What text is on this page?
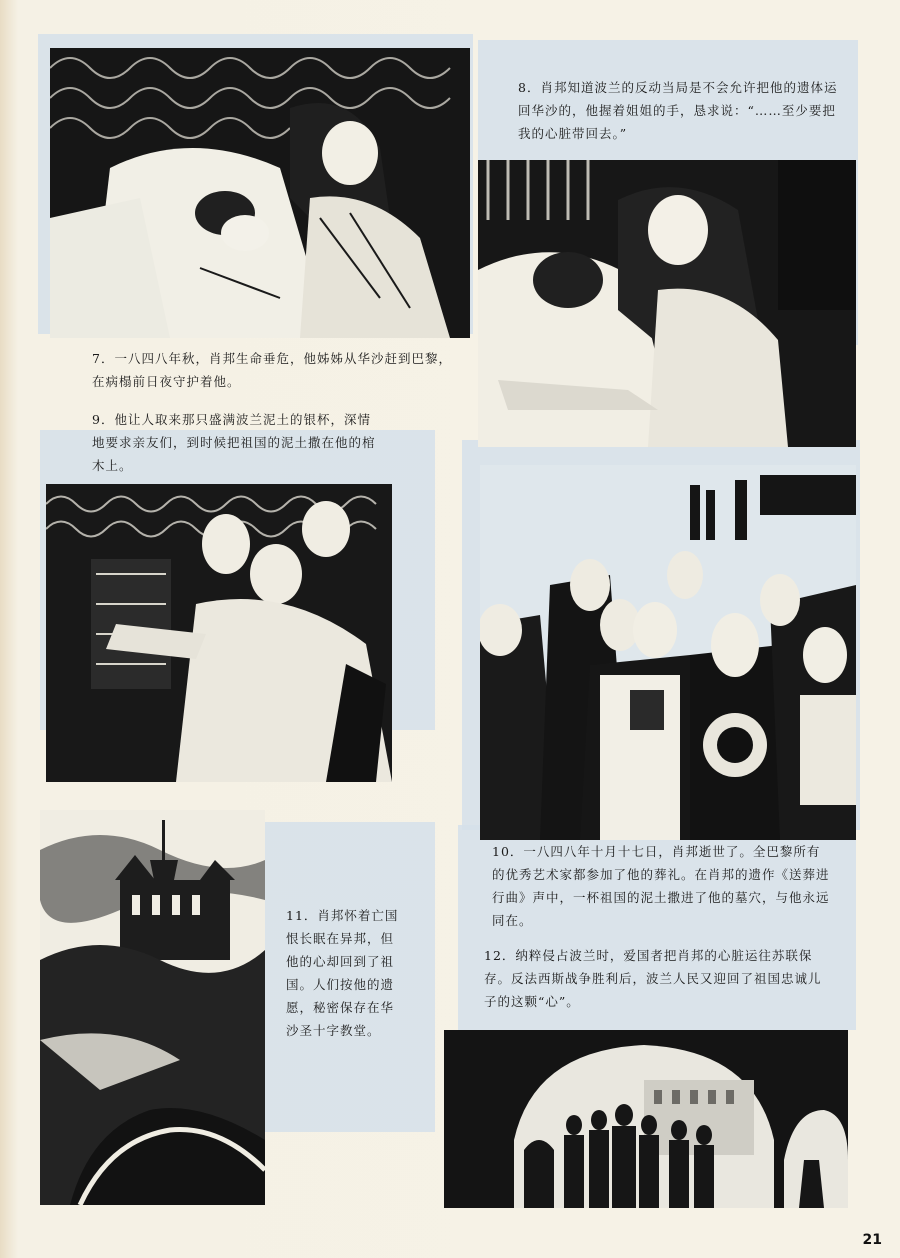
8．肖邦知道波兰的反动当局是不会允许把他的遗体运回华沙的，他握着姐姐的手，恳求说：“……至少要把我的心脏带回去。”
7．一八四八年秋，肖邦生命垂危，他姊姊从华沙赶到巴黎，在病榻前日夜守护着他。
9．他让人取来那只盛满波兰泥土的银杯，深情地要求亲友们，到时候把祖国的泥土撒在他的棺木上。
10．一八四八年十月十七日，肖邦逝世了。全巴黎所有的优秀艺术家都参加了他的葬礼。在肖邦的遗作《送葬进行曲》声中，一杯祖国的泥土撒进了他的墓穴，与他永远同在。
11．肖邦怀着亡国恨长眠在异邦，但他的心却回到了祖国。人们按他的遗愿，秘密保存在华沙圣十字教堂。
12．纳粹侵占波兰时，爱国者把肖邦的心脏运往苏联保存。反法西斯战争胜利后，波兰人民又迎回了祖国忠诚儿子的这颗“心”。
21
